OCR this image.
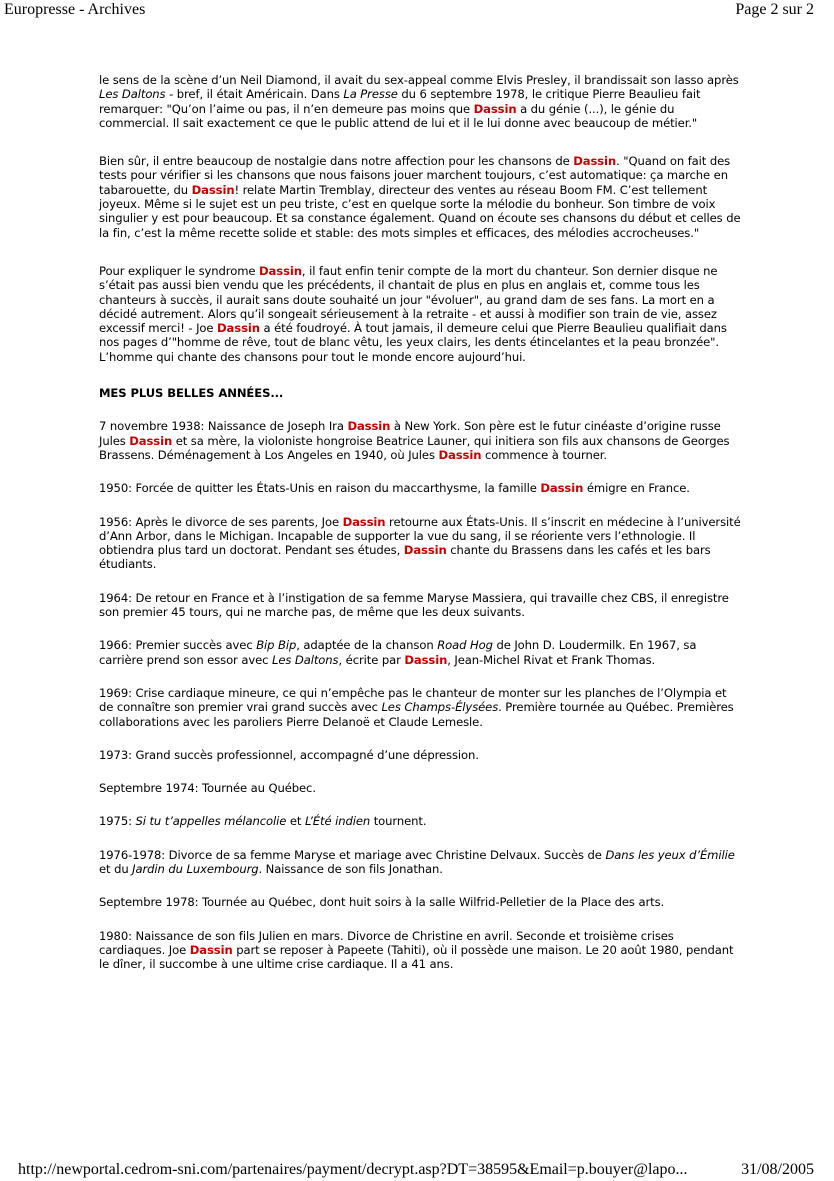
Europresse - Archives	Page 2 sur 2

le sens de la scène d’un Neil Diamond, il avait du sex-appeal comme Elvis Presley, il brandissait son lasso après Les Daltons - bref, il était Américain. Dans La Presse du 6 septembre 1978, le critique Pierre Beaulieu fait remarquer: "Qu’on l’aime ou pas, il n’en demeure pas moins que Dassin a du génie (...), le génie du commercial. Il sait exactement ce que le public attend de lui et il le lui donne avec beaucoup de métier."

Bien sûr, il entre beaucoup de nostalgie dans notre affection pour les chansons de Dassin. "Quand on fait des tests pour vérifier si les chansons que nous faisons jouer marchent toujours, c’est automatique: ça marche en tabarouette, du Dassin! relate Martin Tremblay, directeur des ventes au réseau Boom FM. C’est tellement joyeux. Même si le sujet est un peu triste, c’est en quelque sorte la mélodie du bonheur. Son timbre de voix singulier y est pour beaucoup. Et sa constance également. Quand on écoute ses chansons du début et celles de la fin, c’est la même recette solide et stable: des mots simples et efficaces, des mélodies accrocheuses."

Pour expliquer le syndrome Dassin, il faut enfin tenir compte de la mort du chanteur. Son dernier disque ne s’était pas aussi bien vendu que les précédents, il chantait de plus en plus en anglais et, comme tous les chanteurs à succès, il aurait sans doute souhaité un jour "évoluer", au grand dam de ses fans. La mort en a décidé autrement. Alors qu’il songeait sérieusement à la retraite - et aussi à modifier son train de vie, assez excessif merci! - Joe Dassin a été foudroyé. À tout jamais, il demeure celui que Pierre Beaulieu qualifiait dans nos pages d’"homme de rêve, tout de blanc vêtu, les yeux clairs, les dents étincelantes et la peau bronzée". L’homme qui chante des chansons pour tout le monde encore aujourd’hui.

MES PLUS BELLES ANNÉES...

7 novembre 1938: Naissance de Joseph Ira Dassin à New York. Son père est le futur cinéaste d’origine russe Jules Dassin et sa mère, la violoniste hongroise Beatrice Launer, qui initiera son fils aux chansons de Georges Brassens. Déménagement à Los Angeles en 1940, où Jules Dassin commence à tourner.

1950: Forcée de quitter les États-Unis en raison du maccarthysme, la famille Dassin émigre en France.

1956: Après le divorce de ses parents, Joe Dassin retourne aux États-Unis. Il s’inscrit en médecine à l’université d’Ann Arbor, dans le Michigan. Incapable de supporter la vue du sang, il se réoriente vers l’ethnologie. Il obtiendra plus tard un doctorat. Pendant ses études, Dassin chante du Brassens dans les cafés et les bars étudiants.

1964: De retour en France et à l’instigation de sa femme Maryse Massiera, qui travaille chez CBS, il enregistre son premier 45 tours, qui ne marche pas, de même que les deux suivants.

1966: Premier succès avec Bip Bip, adaptée de la chanson Road Hog de John D. Loudermilk. En 1967, sa carrière prend son essor avec Les Daltons, écrite par Dassin, Jean-Michel Rivat et Frank Thomas.

1969: Crise cardiaque mineure, ce qui n’empêche pas le chanteur de monter sur les planches de l’Olympia et de connaître son premier vrai grand succès avec Les Champs-Élysées. Première tournée au Québec. Premières collaborations avec les paroliers Pierre Delanoë et Claude Lemesle.

1973: Grand succès professionnel, accompagné d’une dépression.

Septembre 1974: Tournée au Québec.

1975: Si tu t’appelles mélancolie et L’Été indien tournent.

1976-1978: Divorce de sa femme Maryse et mariage avec Christine Delvaux. Succès de Dans les yeux d’Émilie et du Jardin du Luxembourg. Naissance de son fils Jonathan.

Septembre 1978: Tournée au Québec, dont huit soirs à la salle Wilfrid-Pelletier de la Place des arts.

1980: Naissance de son fils Julien en mars. Divorce de Christine en avril. Seconde et troisième crises cardiaques. Joe Dassin part se reposer à Papeete (Tahiti), où il possède une maison. Le 20 août 1980, pendant le dîner, il succombe à une ultime crise cardiaque. Il a 41 ans.

http://newportal.cedrom-sni.com/partenaires/payment/decrypt.asp?DT=38595&Email=p.bouyer@lapo...	31/08/2005
